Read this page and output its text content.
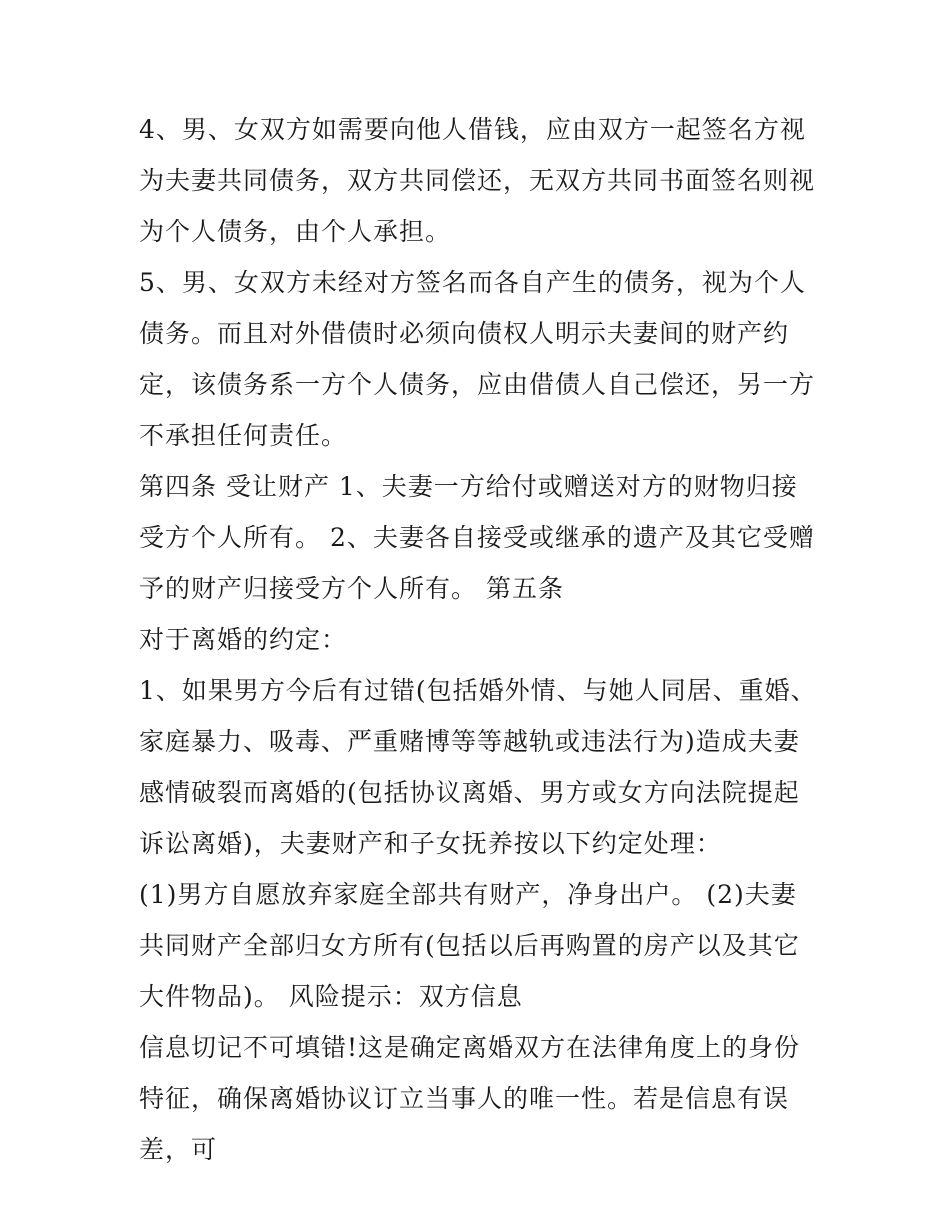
4、男、女双方如需要向他人借钱，应由双方一起签名方视为夫妻共同债务，双方共同偿还，无双方共同书面签名则视为个人债务，由个人承担。

5、男、女双方未经对方签名而各自产生的债务，视为个人债务。而且对外借债时必须向债权人明示夫妻间的财产约定，该债务系一方个人债务，应由借债人自己偿还，另一方不承担任何责任。

第四条 受让财产 1、夫妻一方给付或赠送对方的财物归接受方个人所有。 2、夫妻各自接受或继承的遗产及其它受赠予的财产归接受方个人所有。 第五条

对于离婚的约定：

1、如果男方今后有过错(包括婚外情、与她人同居、重婚、家庭暴力、吸毒、严重赌博等等越轨或违法行为)造成夫妻感情破裂而离婚的(包括协议离婚、男方或女方向法院提起诉讼离婚)，夫妻财产和子女抚养按以下约定处理：

(1)男方自愿放弃家庭全部共有财产，净身出户。 (2)夫妻共同财产全部归女方所有(包括以后再购置的房产以及其它大件物品)。 风险提示：双方信息

信息切记不可填错!这是确定离婚双方在法律角度上的身份特征，确保离婚协议订立当事人的唯一性。若是信息有误差，可
